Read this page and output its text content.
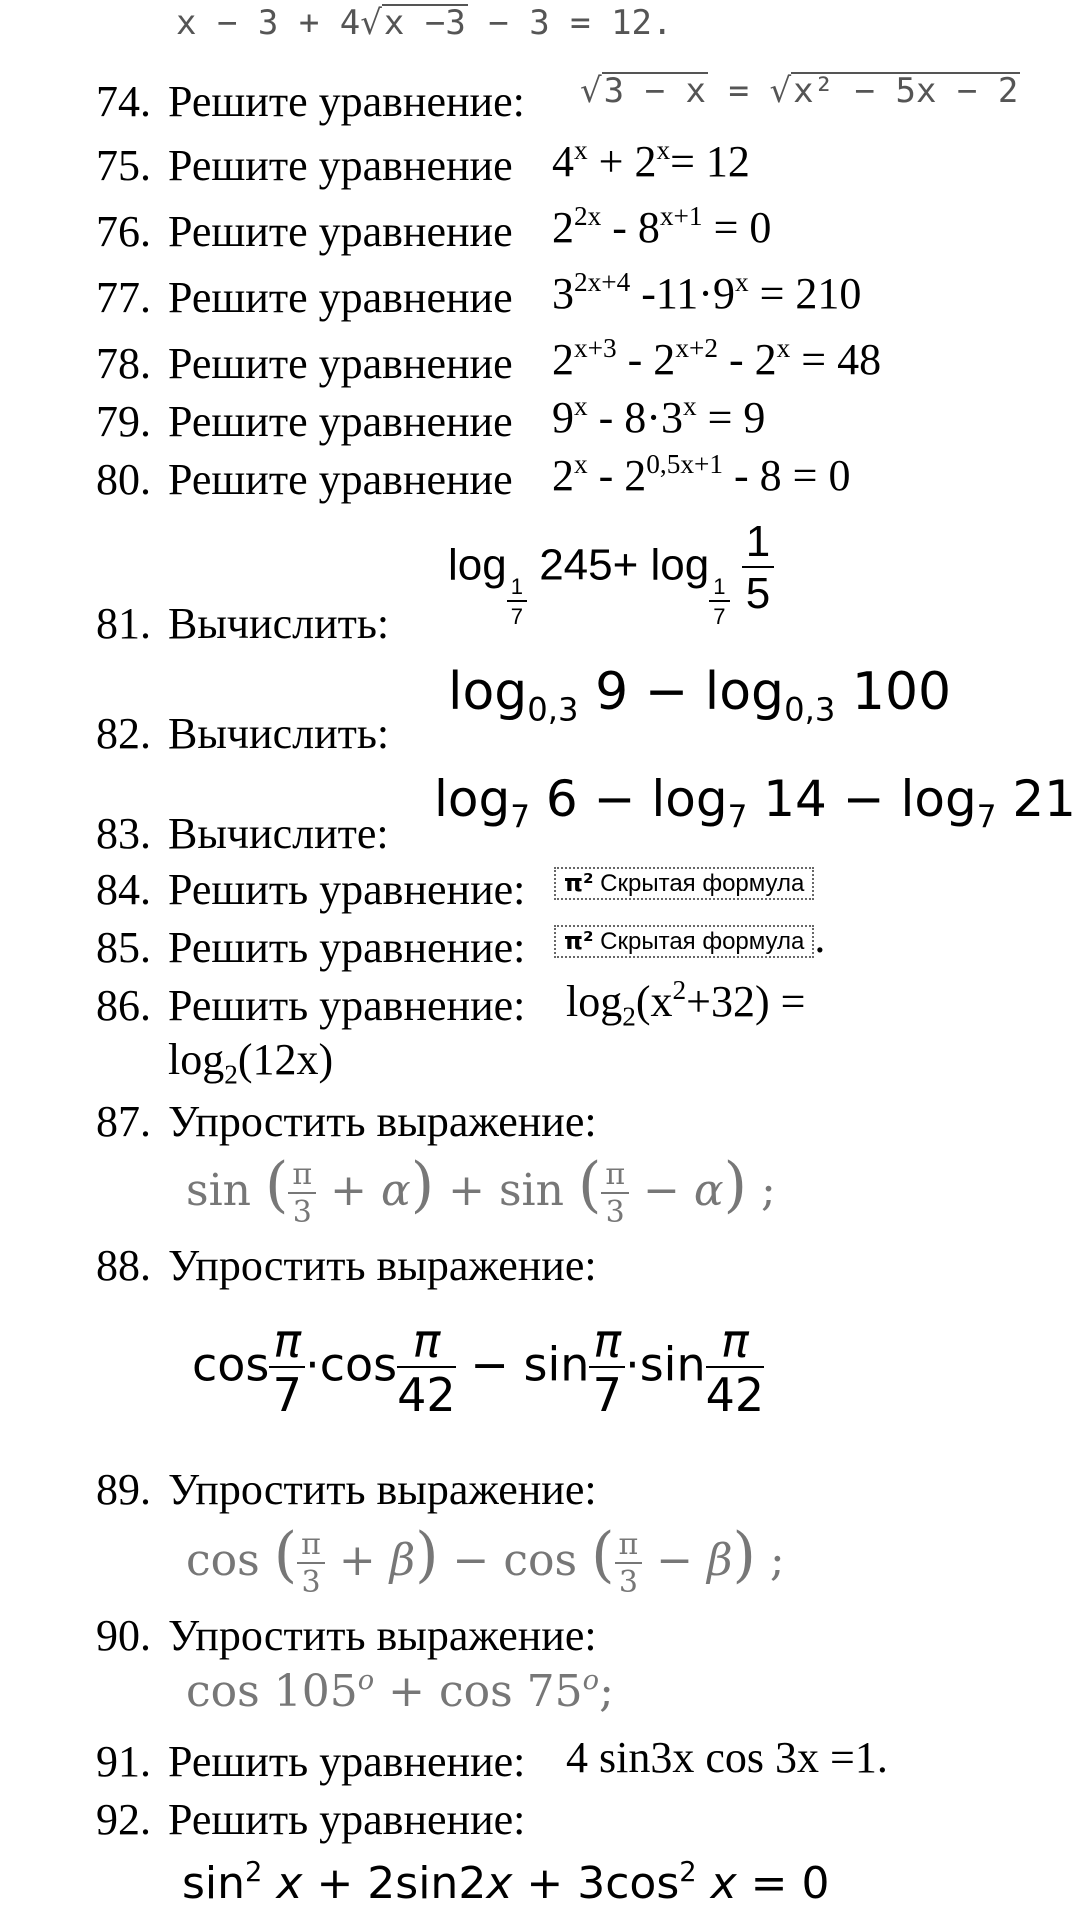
x − 3 + 4√x −3 − 3 = 12.
74. Решите уравнение: √3 − x = √x² − 5x − 2
75. Решите уравнение $4^x + 2^x= 12$
76. Решите уравнение $2^{2x} - 8^{x+1} = 0$
77. Решите уравнение $3^{2x+4}$ $-11\cdot 9^x = 210$
78. Решите уравнение $2^{x+3} - 2^{x+2} - 2^x = 48$
79. Решите уравнение $9^x - 8\cdot 3^x = 9$
80. Решите уравнение $2^x - 2^{0,5x+1} - 8 = 0$
81. Вычислить:
log
$\frac{1}{7}$
245+ log
$\frac{1}{7}$
$\frac{1}{5}$
82. Вычислить:
$\log_{0,3} 9 - \log_{0,3} 100$
83. Вычислите:
$\log_7 6 - \log_7 14 - \log_7 21$
84. Решить уравнение:	π² Скрытая формула
85. Решить уравнение:	π² Скрытая формула .
86. Решить уравнение: $\log_2(x^2+32)$ =
$\log_2(12x)$
87. Упростить выражение:
sin ( $\frac{\pi}{3} + \alpha) + \sin$ ( $\frac{\pi}{3} - \alpha$) ;
88. Упростить выражение:
$\cos \frac{\pi}{7} \cdot\cos \frac{\pi}{42} - \sin \frac{\pi}{7} \cdot\sin \frac{\pi}{42}$
89. Упростить выражение:
cos ( $\frac{\pi}{3} + \beta) - \cos$ ( $\frac{\pi}{3} - \beta$) ;
90. Упростить выражение:
$\cos 105^o + \cos 75^o$;
91. Решить уравнение: 4 sin3x cos 3x =1.
92. Решить уравнение:
$\sin^2 x + 2\sin 2x + 3\cos^2$ x = 0
